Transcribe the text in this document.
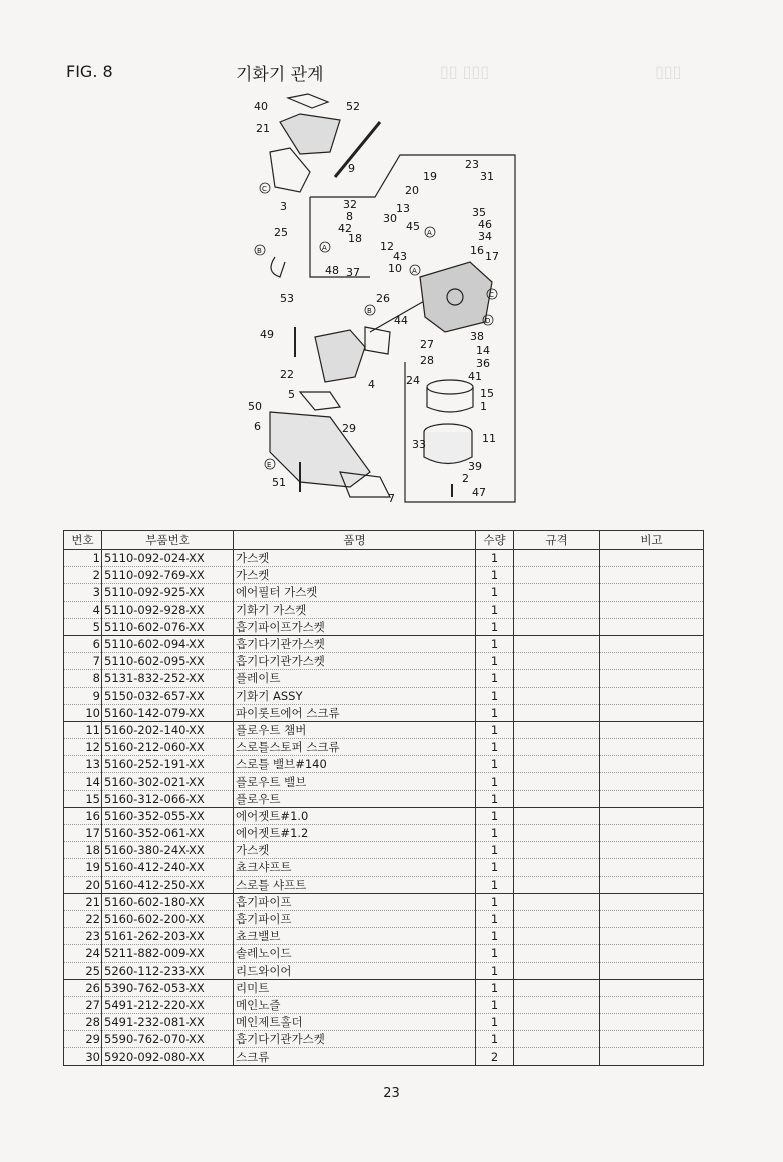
FIG. 8	기화기 관계	▯▯▯ ▯▯	▯▯▯
40	52
21
9	23
19	31
20
32
8
13	35
30
42	45	46
3
18	34
25
12
43	16 17
48 37	10
26
53
44
49	38
27	14
28	36
22
4
41
24
15
5
1
50
6	29
33	11
39
2
51
47
7
C
B	A
A
B
A
C
D
E
번호	부품번호	품명	수량	규격	비고
1	5110-092-024-XX	가스켓	1		
2	5110-092-769-XX	가스켓	1		
3	5110-092-925-XX	에어필터 가스켓	1		
4	5110-092-928-XX	기화기 가스켓	1		
5	5110-602-076-XX	흡기파이프가스켓	1		
6	5110-602-094-XX	흡기다기관가스켓	1		
7	5110-602-095-XX	흡기다기관가스켓	1		
8	5131-832-252-XX	플레이트	1		
9	5150-032-657-XX	기화기 ASSY	1		
10	5160-142-079-XX	파이롯트에어 스크류	1		
11	5160-202-140-XX	플로우트 챔버	1		
12	5160-212-060-XX	스로틀스토퍼 스크류	1		
13	5160-252-191-XX	스로틀 밸브#140	1		
14	5160-302-021-XX	플로우트 밸브	1		
15	5160-312-066-XX	플로우트	1		
16	5160-352-055-XX	에어젯트#1.0	1		
17	5160-352-061-XX	에어젯트#1.2	1		
18	5160-380-24X-XX	가스켓	1		
19	5160-412-240-XX	쵸크샤프트	1		
20	5160-412-250-XX	스로틀 샤프트	1		
21	5160-602-180-XX	흡기파이프	1		
22	5160-602-200-XX	흡기파이프	1		
23	5161-262-203-XX	쵸크밸브	1		
24	5211-882-009-XX	솔레노이드	1		
25	5260-112-233-XX	리드와이어	1		
26	5390-762-053-XX	리미트	1		
27	5491-212-220-XX	메인노즐	1		
28	5491-232-081-XX	메인제트홀더	1		
29	5590-762-070-XX	흡기다기관가스켓	1		
30	5920-092-080-XX	스크류	2		
23
